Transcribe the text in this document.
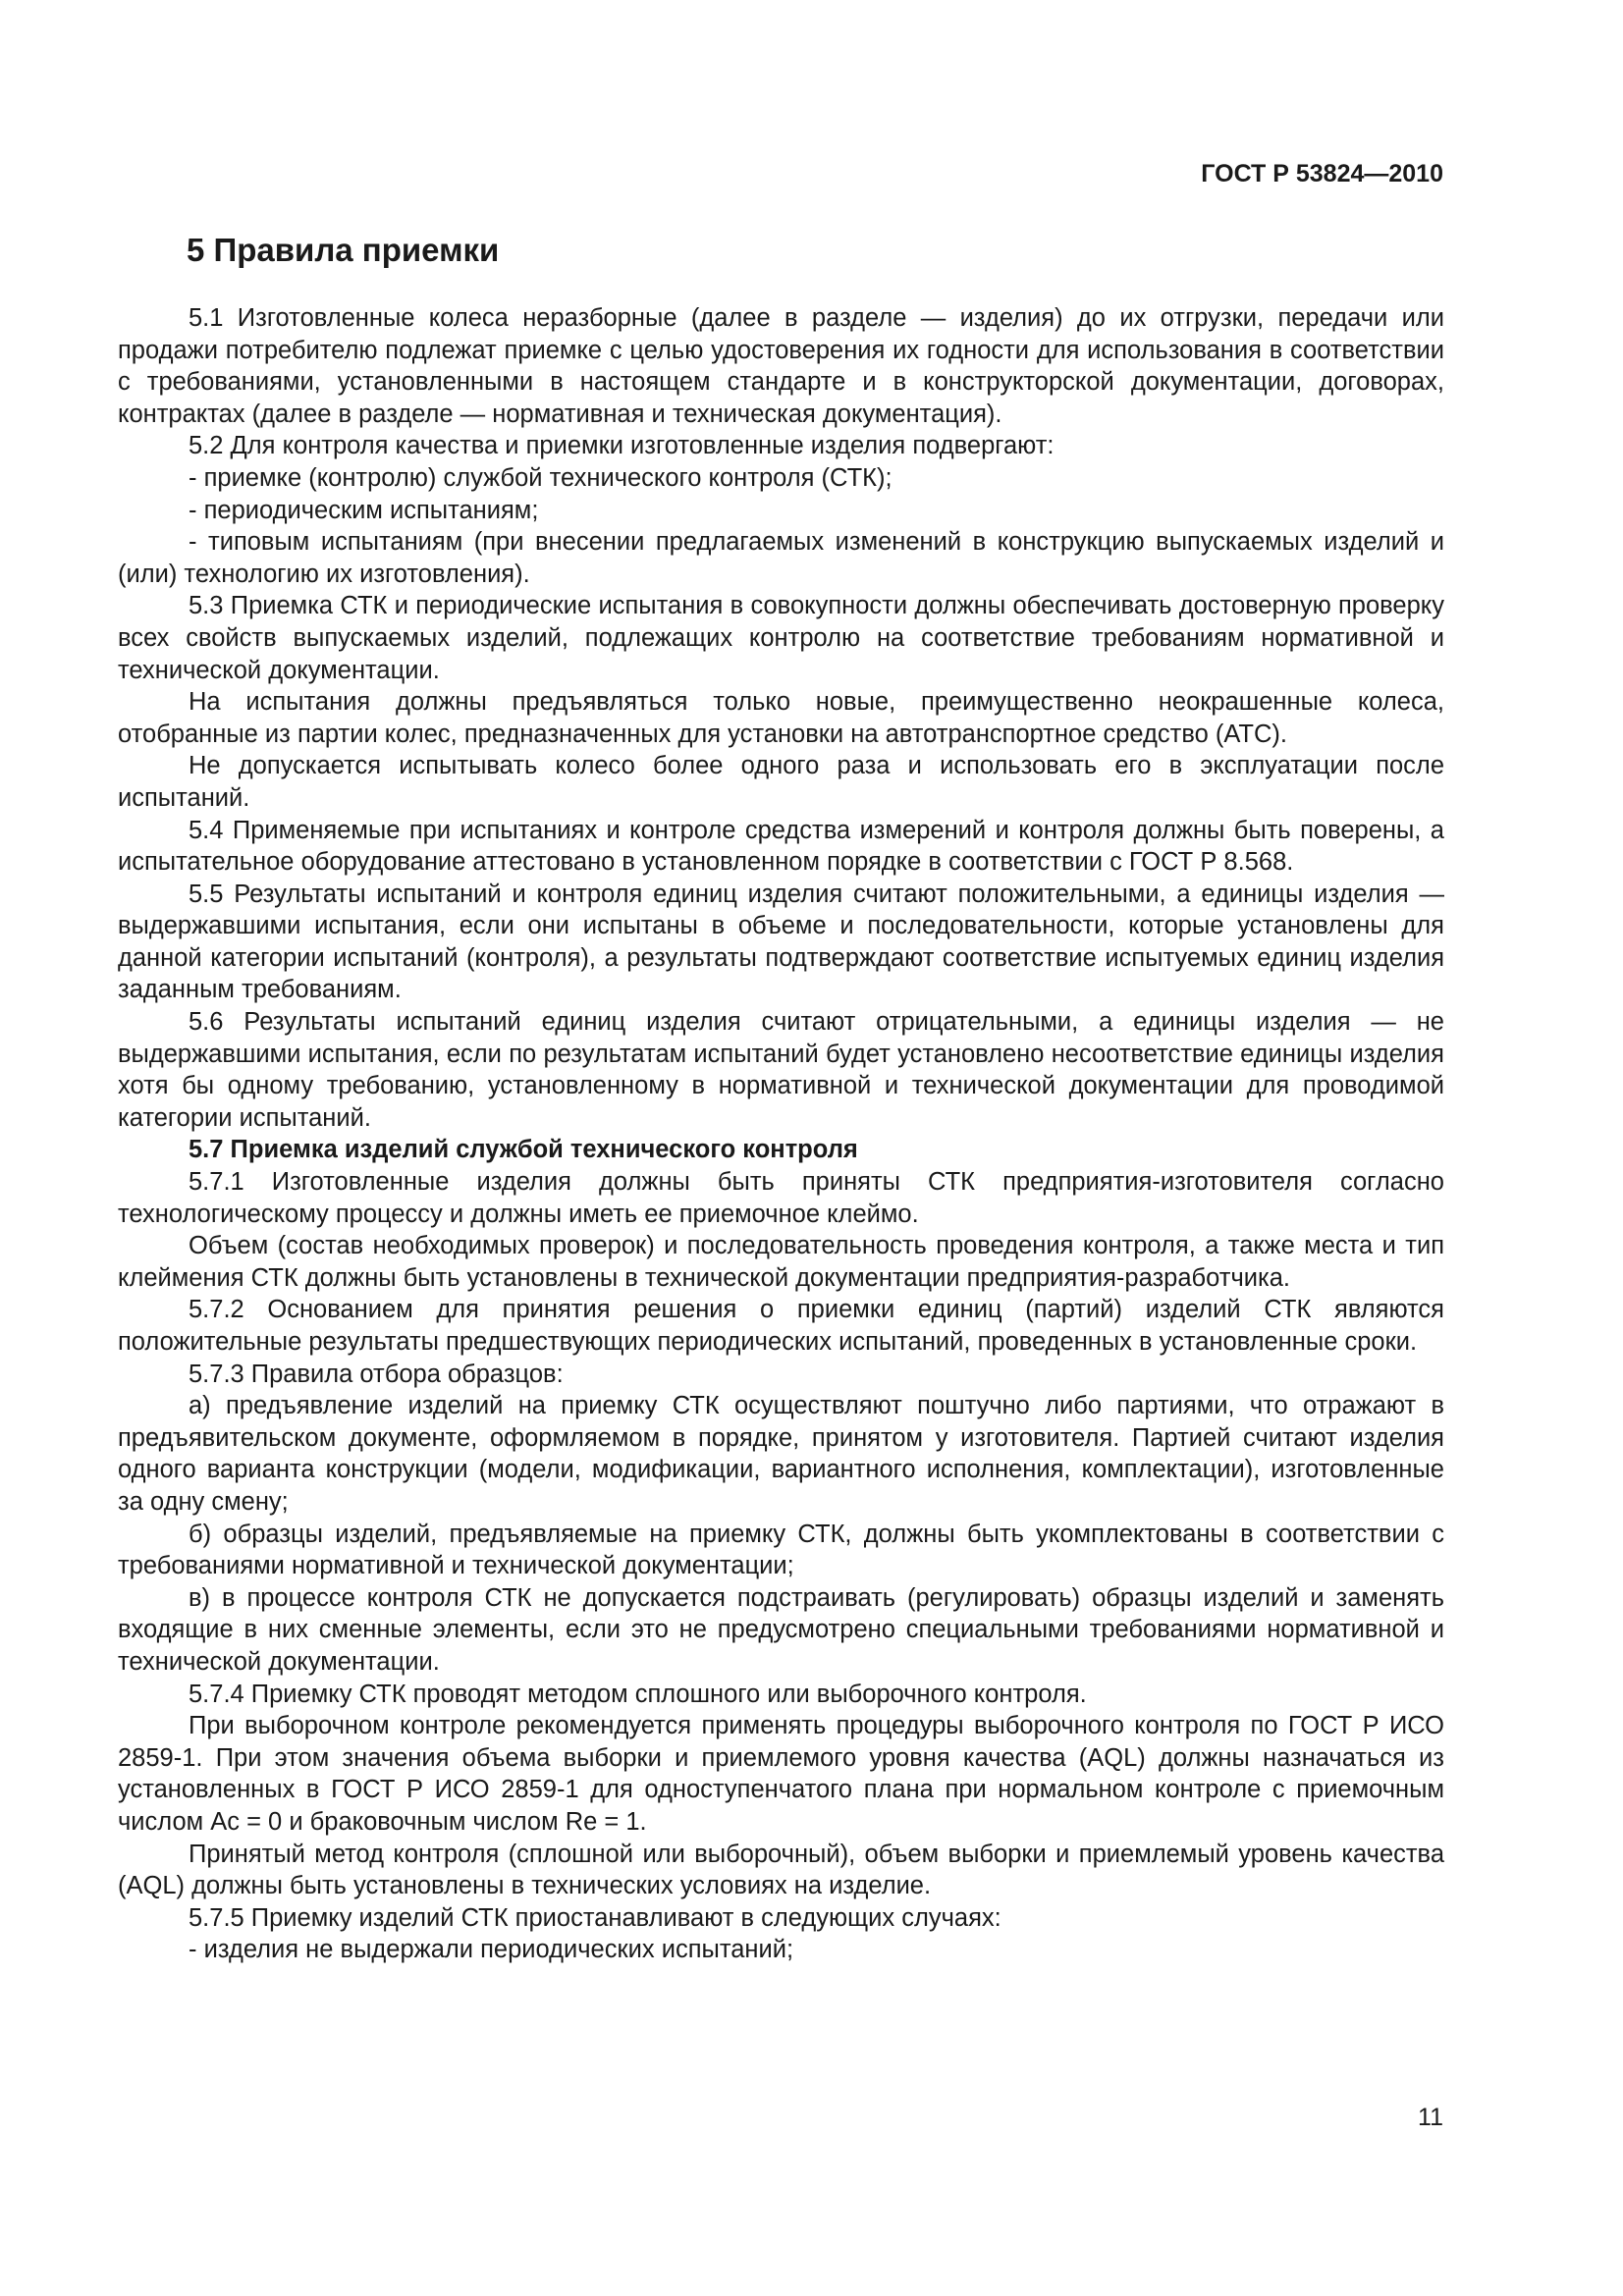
ГОСТ Р 53824—2010

5 Правила приемки

5.1 Изготовленные колеса неразборные (далее в разделе — изделия) до их отгрузки, передачи или продажи потребителю подлежат приемке с целью удостоверения их годности для использования в соответствии с требованиями, установленными в настоящем стандарте и в конструкторской документации, договорах, контрактах (далее в разделе — нормативная и техническая документация).

5.2 Для контроля качества и приемки изготовленные изделия подвергают:

- приемке (контролю) службой технического контроля (СТК);

- периодическим испытаниям;

- типовым испытаниям (при внесении предлагаемых изменений в конструкцию выпускаемых изделий и (или) технологию их изготовления).

5.3 Приемка СТК и периодические испытания в совокупности должны обеспечивать достоверную проверку всех свойств выпускаемых изделий, подлежащих контролю на соответствие требованиям нормативной и технической документации.

На испытания должны предъявляться только новые, преимущественно неокрашенные колеса, отобранные из партии колес, предназначенных для установки на автотранспортное средство (АТС).

Не допускается испытывать колесо более одного раза и использовать его в эксплуатации после испытаний.

5.4 Применяемые при испытаниях и контроле средства измерений и контроля должны быть поверены, а испытательное оборудование аттестовано в установленном порядке в соответствии с ГОСТ Р 8.568.

5.5 Результаты испытаний и контроля единиц изделия считают положительными, а единицы изделия — выдержавшими испытания, если они испытаны в объеме и последовательности, которые установлены для данной категории испытаний (контроля), а результаты подтверждают соответствие испытуемых единиц изделия заданным требованиям.

5.6 Результаты испытаний единиц изделия считают отрицательными, а единицы изделия — не выдержавшими испытания, если по результатам испытаний будет установлено несоответствие единицы изделия хотя бы одному требованию, установленному в нормативной и технической документации для проводимой категории испытаний.

5.7 Приемка изделий службой технического контроля

5.7.1 Изготовленные изделия должны быть приняты СТК предприятия-изготовителя согласно технологическому процессу и должны иметь ее приемочное клеймо.

Объем (состав необходимых проверок) и последовательность проведения контроля, а также места и тип клеймения СТК должны быть установлены в технической документации предприятия-разработчика.

5.7.2 Основанием для принятия решения о приемки единиц (партий) изделий СТК являются положительные результаты предшествующих периодических испытаний, проведенных в установленные сроки.

5.7.3 Правила отбора образцов:

а) предъявление изделий на приемку СТК осуществляют поштучно либо партиями, что отражают в предъявительском документе, оформляемом в порядке, принятом у изготовителя. Партией считают изделия одного варианта конструкции (модели, модификации, вариантного исполнения, комплектации), изготовленные за одну смену;

б) образцы изделий, предъявляемые на приемку СТК, должны быть укомплектованы в соответствии с требованиями нормативной и технической документации;

в) в процессе контроля СТК не допускается подстраивать (регулировать) образцы изделий и заменять входящие в них сменные элементы, если это не предусмотрено специальными требованиями нормативной и технической документации.

5.7.4 Приемку СТК проводят методом сплошного или выборочного контроля.

При выборочном контроле рекомендуется применять процедуры выборочного контроля по ГОСТ Р ИСО 2859-1. При этом значения объема выборки и приемлемого уровня качества (AQL) должны назначаться из установленных в ГОСТ Р ИСО 2859-1 для одноступенчатого плана при нормальном контроле с приемочным числом Ac = 0 и браковочным числом Re = 1.

Принятый метод контроля (сплошной или выборочный), объем выборки и приемлемый уровень качества (AQL) должны быть установлены в технических условиях на изделие.

5.7.5 Приемку изделий СТК приостанавливают в следующих случаях:

- изделия не выдержали периодических испытаний;

11
